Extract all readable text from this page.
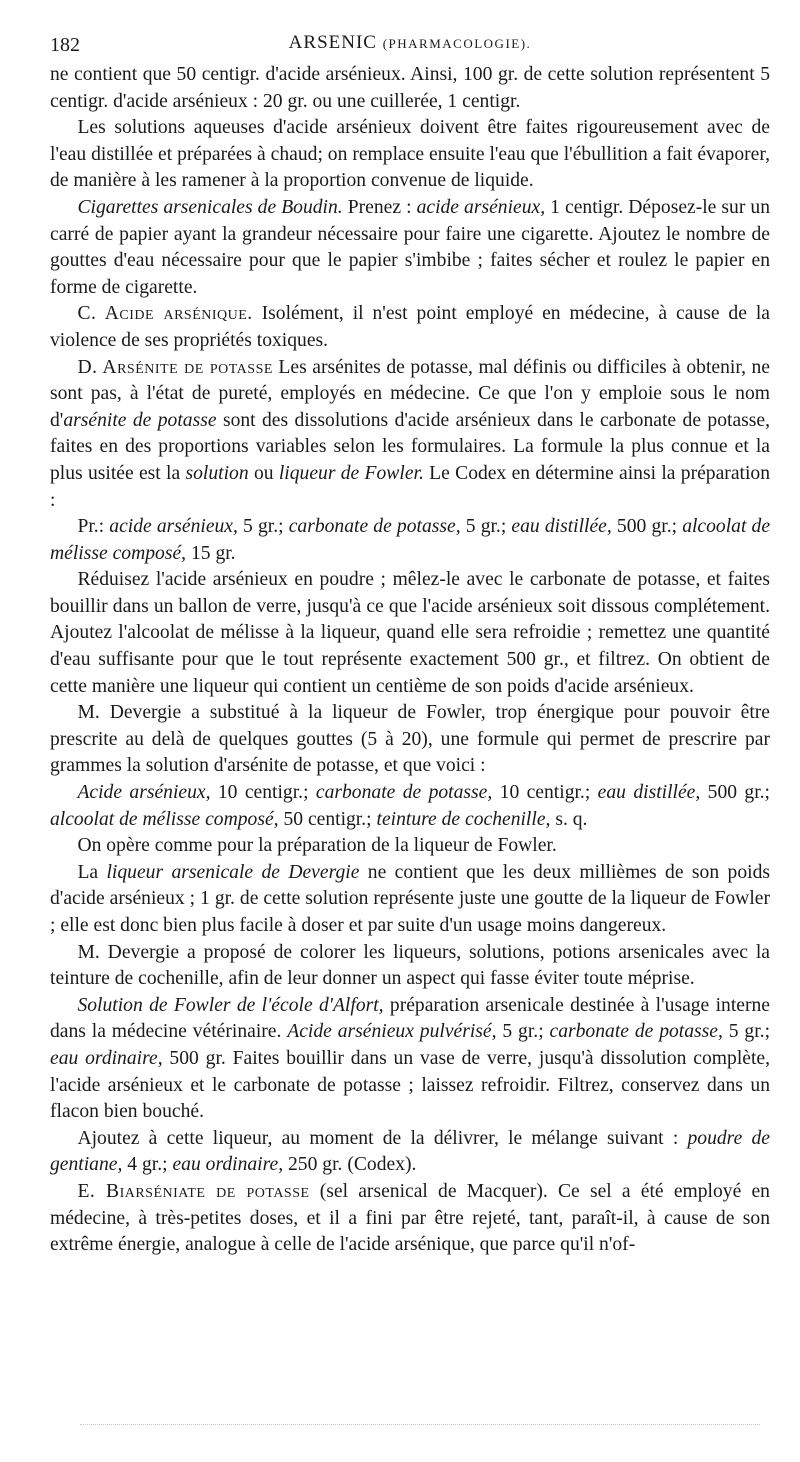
182	ARSENIC (PHARMACOLOGIE).

ne contient que 50 centigr. d'acide arsénieux. Ainsi, 100 gr. de cette solution représentent 5 centigr. d'acide arsénieux : 20 gr. ou une cuillerée, 1 centigr.

Les solutions aqueuses d'acide arsénieux doivent être faites rigoureusement avec de l'eau distillée et préparées à chaud; on remplace ensuite l'eau que l'ébullition a fait évaporer, de manière à les ramener à la proportion convenue de liquide.

Cigarettes arsenicales de Boudin. Prenez : acide arsénieux, 1 centigr. Déposez-le sur un carré de papier ayant la grandeur nécessaire pour faire une cigarette. Ajoutez le nombre de gouttes d'eau nécessaire pour que le papier s'imbibe ; faites sécher et roulez le papier en forme de cigarette.

C. Acide arsénique. Isolément, il n'est point employé en médecine, à cause de la violence de ses propriétés toxiques.

D. Arsénite de potasse Les arsénites de potasse, mal définis ou difficiles à obtenir, ne sont pas, à l'état de pureté, employés en médecine. Ce que l'on y emploie sous le nom d'arsénite de potasse sont des dissolutions d'acide arsénieux dans le carbonate de potasse, faites en des proportions variables selon les formulaires. La formule la plus connue et la plus usitée est la solution ou liqueur de Fowler. Le Codex en détermine ainsi la préparation :

Pr.: acide arsénieux, 5 gr.; carbonate de potasse, 5 gr.; eau distillée, 500 gr.; alcoolat de mélisse composé, 15 gr.

Réduisez l'acide arsénieux en poudre ; mêlez-le avec le carbonate de potasse, et faites bouillir dans un ballon de verre, jusqu'à ce que l'acide arsénieux soit dissous complétement. Ajoutez l'alcoolat de mélisse à la liqueur, quand elle sera refroidie ; remettez une quantité d'eau suffisante pour que le tout représente exactement 500 gr., et filtrez. On obtient de cette manière une liqueur qui contient un centième de son poids d'acide arsénieux.

M. Devergie a substitué à la liqueur de Fowler, trop énergique pour pouvoir être prescrite au delà de quelques gouttes (5 à 20), une formule qui permet de prescrire par grammes la solution d'arsénite de potasse, et que voici :

Acide arsénieux, 10 centigr.; carbonate de potasse, 10 centigr.; eau distillée, 500 gr.; alcoolat de mélisse composé, 50 centigr.; teinture de cochenille, s. q.

On opère comme pour la préparation de la liqueur de Fowler.

La liqueur arsenicale de Devergie ne contient que les deux millièmes de son poids d'acide arsénieux ; 1 gr. de cette solution représente juste une goutte de la liqueur de Fowler ; elle est donc bien plus facile à doser et par suite d'un usage moins dangereux.

M. Devergie a proposé de colorer les liqueurs, solutions, potions arsenicales avec la teinture de cochenille, afin de leur donner un aspect qui fasse éviter toute méprise.

Solution de Fowler de l'école d'Alfort, préparation arsenicale destinée à l'usage interne dans la médecine vétérinaire. Acide arsénieux pulvérisé, 5 gr.; carbonate de potasse, 5 gr.; eau ordinaire, 500 gr. Faites bouillir dans un vase de verre, jusqu'à dissolution complète, l'acide arsénieux et le carbonate de potasse ; laissez refroidir. Filtrez, conservez dans un flacon bien bouché.

Ajoutez à cette liqueur, au moment de la délivrer, le mélange suivant : poudre de gentiane, 4 gr.; eau ordinaire, 250 gr. (Codex).

E. Biarséniate de potasse (sel arsenical de Macquer). Ce sel a été employé en médecine, à très-petites doses, et il a fini par être rejeté, tant, paraît-il, à cause de son extrême énergie, analogue à celle de l'acide arsénique, que parce qu'il n'of-
